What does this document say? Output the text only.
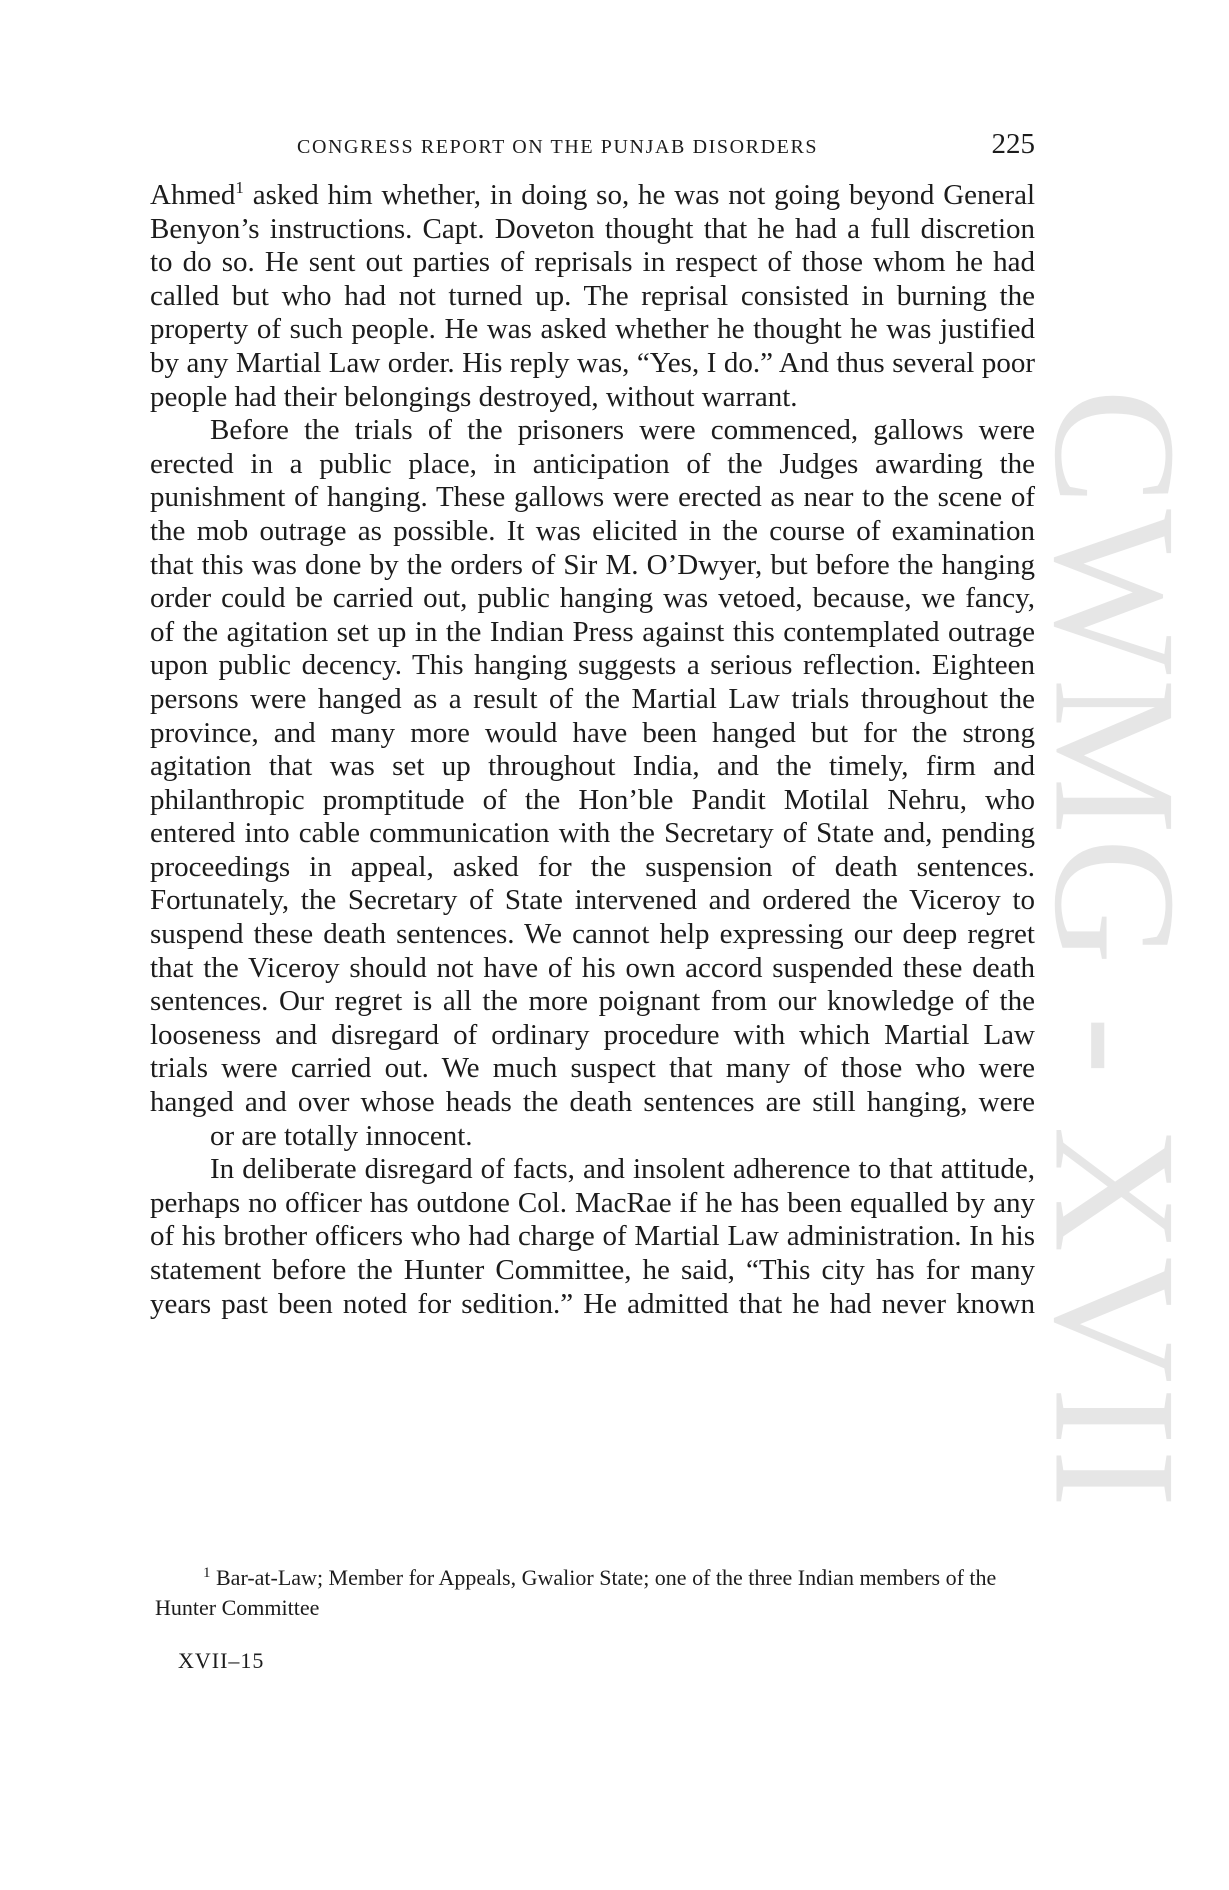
CWMG - XVII
CONGRESS REPORT ON THE PUNJAB DISORDERS	225

Ahmed$^1$ asked him whether, in doing so, he was not going beyond General Benyon’s instructions. Capt. Doveton thought that he had a full discretion to do so. He sent out parties of reprisals in respect of those whom he had called but who had not turned up. The reprisal consisted in burning the property of such people. He was asked whether he thought he was justified by any Martial Law order. His reply was, “Yes, I do.” And thus several poor
people had their belongings destroyed, without warrant.

Before the trials of the prisoners were commenced, gallows were erected in a public place, in anticipation of the Judges awarding the punishment of hanging. These gallows were erected as near to the scene of the mob outrage as possible. It was elicited in the course of examination that this was done by the orders of Sir M. O’Dwyer, but before the hanging order could be carried out, public hanging was vetoed, because, we fancy, of the agitation set up in the Indian Press against this contemplated outrage upon public decency. This hanging suggests a serious reflection. Eighteen persons were hanged as a result of the Martial Law trials throughout the province, and many more would have been hanged but for the strong agitation that was set up throughout India, and the timely, firm and philanthropic promptitude of the Hon’ble Pandit Motilal Nehru, who entered into cable communication with the Secretary of State and, pending proceedings in appeal, asked for the suspension of death sentences. Fortunately, the Secretary of State intervened and ordered the Viceroy to suspend these death sentences. We cannot help expressing our deep regret that the Viceroy should not have of his own accord suspended these death sentences. Our regret is all the more poignant from our knowledge of the looseness and disregard of ordinary procedure with which Martial Law trials were carried out. We much suspect that many of those who were hanged and over whose heads the death sentences are still hanging, were
or are totally innocent.

In deliberate disregard of facts, and insolent adherence to that attitude, perhaps no officer has outdone Col. MacRae if he has been equalled by any of his brother officers who had charge of Martial Law administration. In his statement before the Hunter Committee, he said, “This city has for many years past been noted for sedition.” He admitted that he had never known

$^1$ Bar-at-Law; Member for Appeals, Gwalior State; one of the three Indian members of the Hunter Committee

XVII–15
